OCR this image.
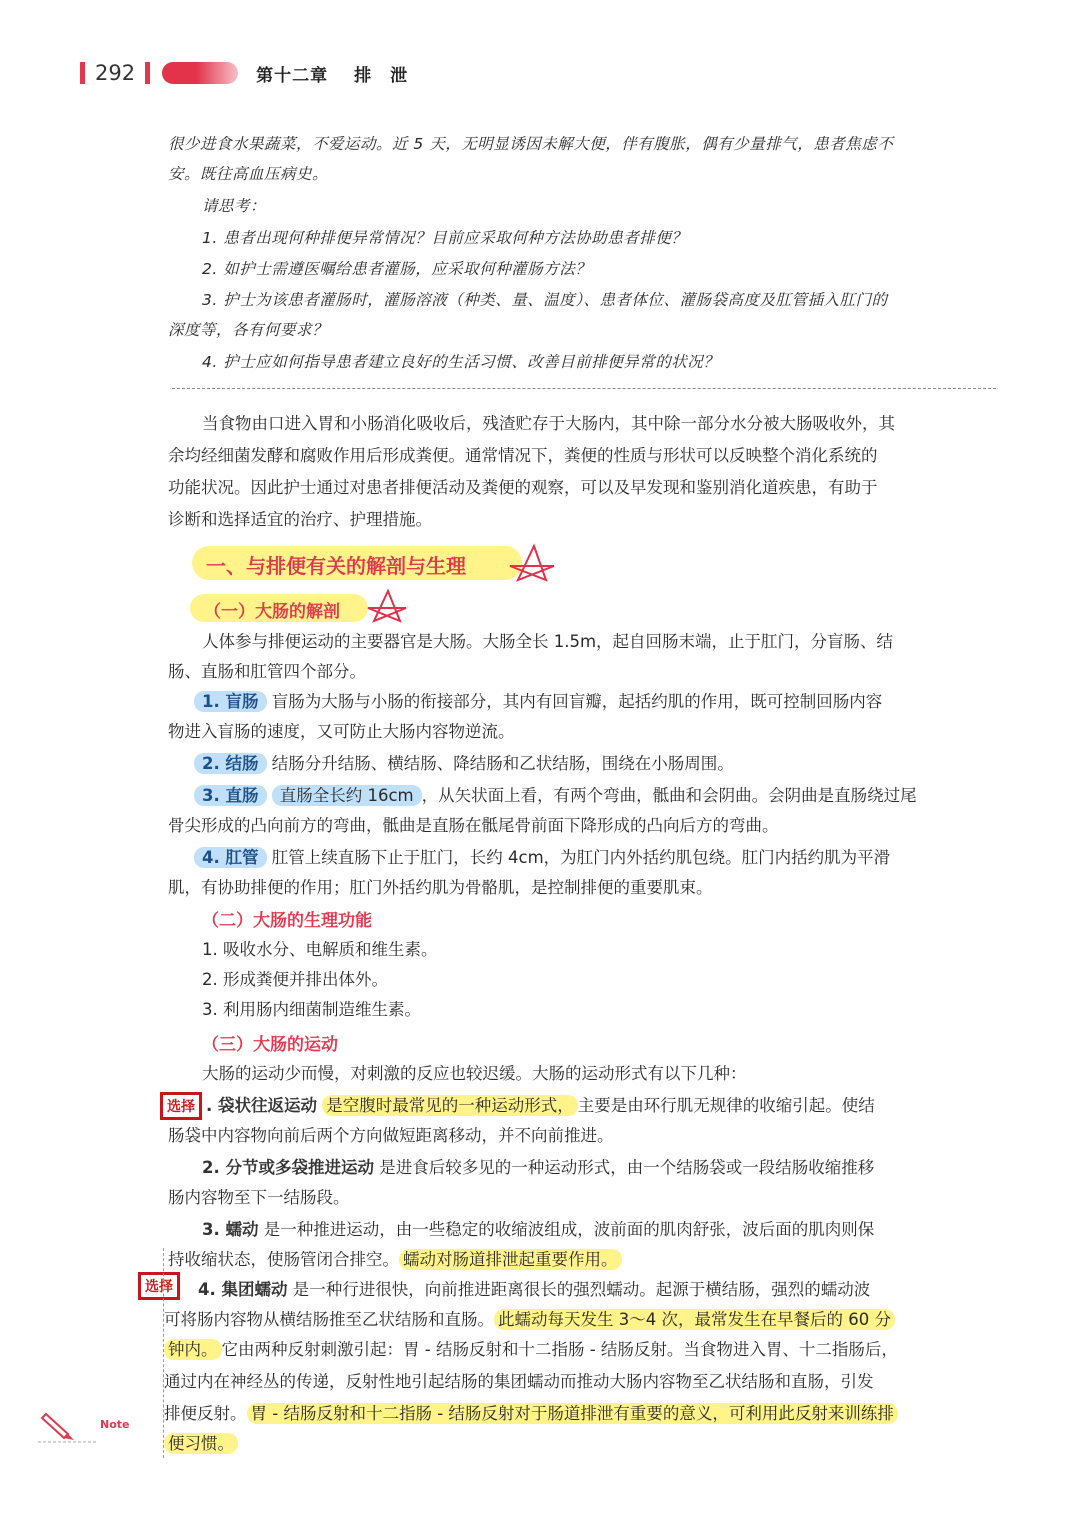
292	第十二章 排　泄
很少进食水果蔬菜，不爱运动。近 5 天，无明显诱因未解大便，伴有腹胀，偶有少量排气，患者焦虑不
安。既往高血压病史。
请思考：
1. 患者出现何种排便异常情况？目前应采取何种方法协助患者排便？
2. 如护士需遵医嘱给患者灌肠，应采取何种灌肠方法？
3. 护士为该患者灌肠时，灌肠溶液（种类、量、温度）、患者体位、灌肠袋高度及肛管插入肛门的
深度等，各有何要求？
4. 护士应如何指导患者建立良好的生活习惯、改善目前排便异常的状况？
当食物由口进入胃和小肠消化吸收后，残渣贮存于大肠内，其中除一部分水分被大肠吸收外，其
余均经细菌发酵和腐败作用后形成粪便。通常情况下，粪便的性质与形状可以反映整个消化系统的
功能状况。因此护士通过对患者排便活动及粪便的观察，可以及早发现和鉴别消化道疾患，有助于
诊断和选择适宜的治疗、护理措施。
一、与排便有关的解剖与生理
（一）大肠的解剖
人体参与排便运动的主要器官是大肠。大肠全长 1.5m，起自回肠末端，止于肛门，分盲肠、结
肠、直肠和肛管四个部分。
1. 盲肠 盲肠为大肠与小肠的衔接部分，其内有回盲瓣，起括约肌的作用，既可控制回肠内容
物进入盲肠的速度，又可防止大肠内容物逆流。
2. 结肠 结肠分升结肠、横结肠、降结肠和乙状结肠，围绕在小肠周围。
3. 直肠 直肠全长约 16cm ，从矢状面上看，有两个弯曲，骶曲和会阴曲。会阴曲是直肠绕过尾
骨尖形成的凸向前方的弯曲，骶曲是直肠在骶尾骨前面下降形成的凸向后方的弯曲。
4. 肛管 肛管上续直肠下止于肛门，长约 4cm，为肛门内外括约肌包绕。肛门内括约肌为平滑
肌，有协助排便的作用；肛门外括约肌为骨骼肌，是控制排便的重要肌束。
（二）大肠的生理功能
1. 吸收水分、电解质和维生素。
2. 形成粪便并排出体外。
3. 利用肠内细菌制造维生素。
（三）大肠的运动
大肠的运动少而慢，对刺激的反应也较迟缓。大肠的运动形式有以下几种：
选择 . 袋状往返运动 是空腹时最常见的一种运动形式， 主要是由环行肌无规律的收缩引起。使结
肠袋中内容物向前后两个方向做短距离移动，并不向前推进。
2. 分节或多袋推进运动 是进食后较多见的一种运动形式，由一个结肠袋或一段结肠收缩推移
肠内容物至下一结肠段。
3. 蠕动 是一种推进运动，由一些稳定的收缩波组成，波前面的肌肉舒张，波后面的肌肉则保
持收缩状态，使肠管闭合排空。 蠕动对肠道排泄起重要作用。
选择	4. 集团蠕动 是一种行进很快，向前推进距离很长的强烈蠕动。起源于横结肠，强烈的蠕动波
可将肠内容物从横结肠推至乙状结肠和直肠。 此蠕动每天发生 3～4 次，最常发生在早餐后的 60 分
钟内。 它由两种反射刺激引起：胃 - 结肠反射和十二指肠 - 结肠反射。当食物进入胃、十二指肠后，
通过内在神经丛的传递，反射性地引起结肠的集团蠕动而推动大肠内容物至乙状结肠和直肠，引发
排便反射。 胃 - 结肠反射和十二指肠 - 结肠反射对于肠道排泄有重要的意义，可利用此反射来训练排
便习惯。
Note
